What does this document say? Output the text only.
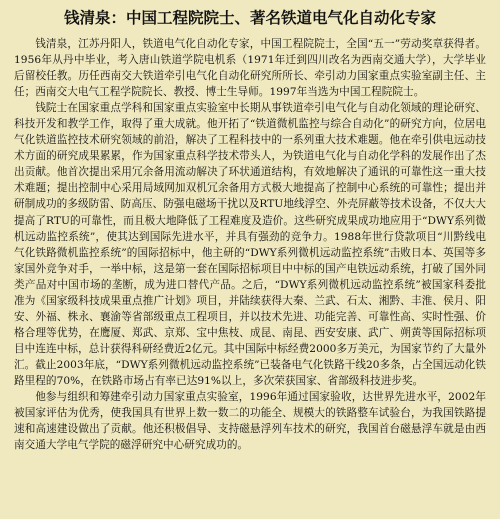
钱清泉：中国工程院院士、著名铁道电气化自动化专家

钱清泉，江苏丹阳人，铁道电气化自动化专家，中国工程院院士，全国“五一”劳动奖章获得者。1956年从丹中毕业，考入唐山铁道学院电机系（1971年迁到四川改名为西南交通大学），大学毕业后留校任教。历任西南交大铁道牵引电气化自动化研究所所长、牵引动力国家重点实验室副主任、主任；西南交大电气工程学院院长、教授、博士生导师。1997年当选为中国工程院院士。

钱院士在国家重点学科和国家重点实验室中长期从事铁道牵引电气化与自动化领域的理论研究、科技开发和教学工作，取得了重大成就。他开拓了“铁道微机监控与综合自动化”的研究方向，位居电气化铁道监控技术研究领域的前沿，解决了工程科技中的一系列重大技术难题。他在牵引供电远动技术方面的研究成果累累，作为国家重点科学技术带头人，为铁道电气化与自动化学科的发展作出了杰出贡献。他首次提出采用冗余备用流动解决了环状通道结构，有效地解决了通讯的可靠性这一重大技术难题；提出控制中心采用局域网加双机冗余备用方式极大地提高了控制中心系统的可靠性；提出并研制成功的多级防雷、防高压、防强电磁场干扰以及RTU地线浮空、外壳屏蔽等技术设备，不仅大大提高了RTU的可靠性，而且极大地降低了工程难度及造价。这些研究成果成功地应用于“DWY系列微机远动监控系统”，使其达到国际先进水平，并具有强劲的竞争力。1988年世行贷款项目“川黔线电气化铁路微机监控系统”的国际招标中，他主研的“DWY系列微机远动监控系统”击败日本、英国等多家国外竞争对手，一举中标，这是第一套在国际招标项目中中标的国产电铁远动系统，打破了国外同类产品对中国市场的垄断，成为进口替代产品。之后，“DWY系列微机远动监控系统”被国家科委批准为《国家级科技成果重点推广计划》项目，并陆续获得大秦、兰武、石太、湘黔、丰淮、侯月、阳安、外福、株永、襄渝等省部级重点工程项目，并以技术先进、功能完善、可靠性高、实时性强、价格合理等优势，在鹰厦、郑武、京郑、宝中焦枝、成昆、南昆、西安安康、武广、朔黄等国际招标项目中连连中标，总计获得科研经费近2亿元。其中国际中标经费2000多万美元，为国家节约了大量外汇。截止2003年底，“DWY系列微机远动监控系统”已装备电气化铁路干线20多条，占全国远动化铁路里程的70%，在铁路市场占有率已达91%以上，多次荣获国家、省部级科技进步奖。

他参与组织和筹建牵引动力国家重点实验室，1996年通过国家验收，达世界先进水平，2002年被国家评估为优秀，使我国具有世界上数一数二的功能全、规模大的铁路整车试验台，为我国铁路提速和高速建设做出了贡献。他还积极倡导、支持磁悬浮列车技术的研究，我国首台磁悬浮车就是由西南交通大学电气学院的磁浮研究中心研究成功的。
